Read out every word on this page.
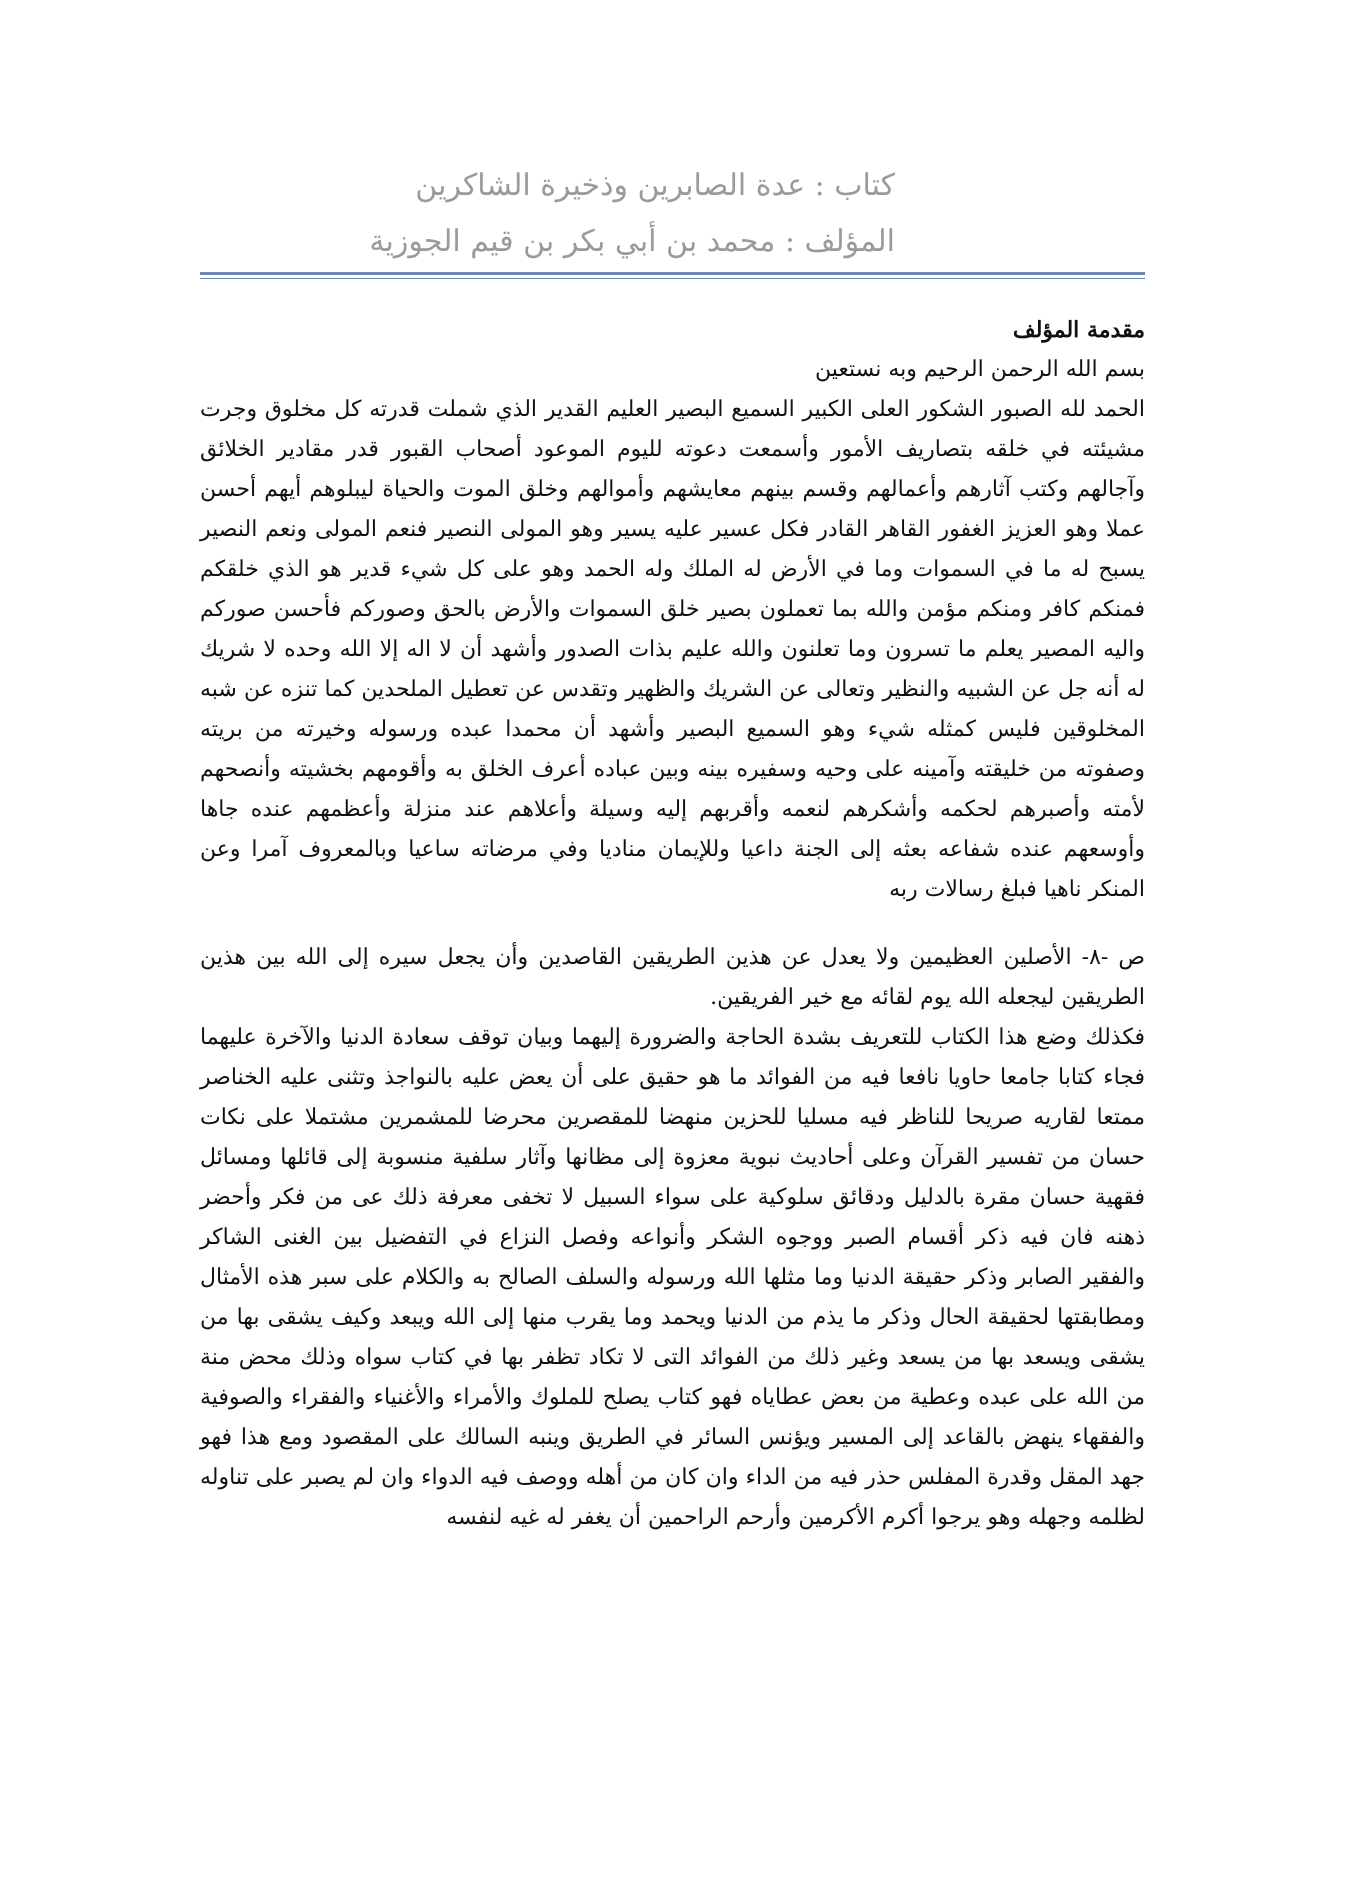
كتاب : عدة الصابرين وذخيرة الشاكرين
المؤلف : محمد بن أبي بكر بن قيم الجوزية

مقدمة المؤلف

بسم الله الرحمن الرحيم وبه نستعين

الحمد لله الصبور الشكور العلى الكبير السميع البصير العليم القدير الذي شملت قدرته كل مخلوق وجرت مشيئته في خلقه بتصاريف الأمور وأسمعت دعوته لليوم الموعود أصحاب القبور قدر مقادير الخلائق وآجالهم وكتب آثارهم وأعمالهم وقسم بينهم معايشهم وأموالهم وخلق الموت والحياة ليبلوهم أيهم أحسن عملا وهو العزيز الغفور القاهر القادر فكل عسير عليه يسير وهو المولى النصير فنعم المولى ونعم النصير يسبح له ما في السموات وما في الأرض له الملك وله الحمد وهو على كل شيء قدير هو الذي خلقكم فمنكم كافر ومنكم مؤمن والله بما تعملون بصير خلق السموات والأرض بالحق وصوركم فأحسن صوركم واليه المصير يعلم ما تسرون وما تعلنون والله عليم بذات الصدور وأشهد أن لا اله إلا الله وحده لا شريك له أنه جل عن الشبيه والنظير وتعالى عن الشريك والظهير وتقدس عن تعطيل الملحدين كما تنزه عن شبه المخلوقين فليس كمثله شيء وهو السميع البصير وأشهد أن محمدا عبده ورسوله وخيرته من بريته وصفوته من خليقته وآمينه على وحيه وسفيره بينه وبين عباده أعرف الخلق به وأقومهم بخشيته وأنصحهم لأمته وأصبرهم لحكمه وأشكرهم لنعمه وأقربهم إليه وسيلة وأعلاهم عند منزلة وأعظمهم عنده جاها وأوسعهم عنده شفاعه بعثه إلى الجنة داعيا وللإيمان مناديا وفي مرضاته ساعيا وبالمعروف آمرا وعن المنكر ناهيا فبلغ رسالات ربه

ص -٨- الأصلين العظيمين ولا يعدل عن هذين الطريقين القاصدين وأن يجعل سيره إلى الله بين هذين الطريقين ليجعله الله يوم لقائه مع خير الفريقين.

فكذلك وضع هذا الكتاب للتعريف بشدة الحاجة والضرورة إليهما وبيان توقف سعادة الدنيا والآخرة عليهما فجاء كتابا جامعا حاويا نافعا فيه من الفوائد ما هو حقيق على أن يعض عليه بالنواجذ وتثنى عليه الخناصر ممتعا لقاريه صريحا للناظر فيه مسليا للحزين منهضا للمقصرين محرضا للمشمرين مشتملا على نكات حسان من تفسير القرآن وعلى أحاديث نبوية معزوة إلى مظانها وآثار سلفية منسوبة إلى قائلها ومسائل فقهية حسان مقرة بالدليل ودقائق سلوكية على سواء السبيل لا تخفى معرفة ذلك عى من فكر وأحضر ذهنه فان فيه ذكر أقسام الصبر ووجوه الشكر وأنواعه وفصل النزاع في التفضيل بين الغنى الشاكر والفقير الصابر وذكر حقيقة الدنيا وما مثلها الله ورسوله والسلف الصالح به والكلام على سبر هذه الأمثال ومطابقتها لحقيقة الحال وذكر ما يذم من الدنيا ويحمد وما يقرب منها إلى الله ويبعد وكيف يشقى بها من يشقى ويسعد بها من يسعد وغير ذلك من الفوائد التى لا تكاد تظفر بها في كتاب سواه وذلك محض منة من الله على عبده وعطية من بعض عطاياه فهو كتاب يصلح للملوك والأمراء والأغنياء والفقراء والصوفية والفقهاء ينهض بالقاعد إلى المسير ويؤنس السائر في الطريق وينبه السالك على المقصود ومع هذا فهو جهد المقل وقدرة المفلس حذر فيه من الداء وان كان من أهله ووصف فيه الدواء وان لم يصبر على تناوله لظلمه وجهله وهو يرجوا أكرم الأكرمين وأرحم الراحمين أن يغفر له غيه لنفسه
